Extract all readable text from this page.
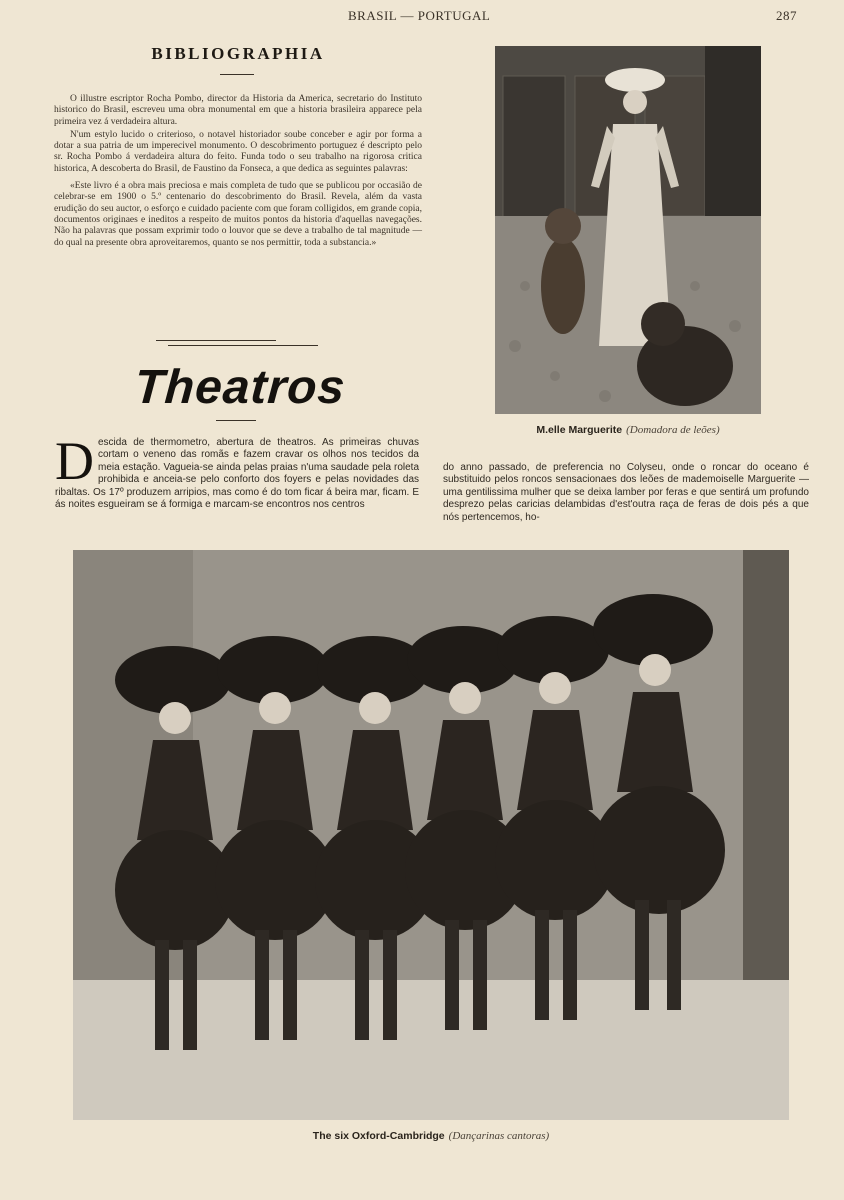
BRASIL — PORTUGAL	287
BIBLIOGRAPHIA

O illustre escriptor Rocha Pombo, director da Historia da America, secretario do Instituto historico do Brasil, escreveu uma obra monumental em que a historia brasileira apparece pela primeira vez á verdadeira altura.

N'um estylo lucido o criterioso, o notavel historiador soube conceber e agir por forma a dotar a sua patria de um imperecivel monumento. O descobrimento portuguez é descripto pelo sr. Rocha Pombo á verdadeira altura do feito. Funda todo o seu trabalho na rigorosa critica historica, A descoberta do Brasil, de Faustino da Fonseca, a que dedica as seguintes palavras:

«Este livro é a obra mais preciosa e mais completa de tudo que se publicou por occasião de celebrar-se em 1900 o 5.º centenario do descobrimento do Brasil. Revela, além da vasta erudição do seu auctor, o esforço e cuidado paciente com que foram colligidos, em grande copia, documentos originaes e ineditos a respeito de muitos pontos da historia d'aquellas navegações. Não ha palavras que possam exprimir todo o louvor que se deve a trabalho de tal magnitude — do qual na presente obra aproveitaremos, quanto se nos permittir, toda a substancia.»

Theatros
M.elle Marguerite (Domadora de leões)
Descida de thermometro, abertura de theatros. As primeiras chuvas cortam o veneno das romãs e fazem cravar os olhos nos tecidos da meia estação. Vagueia-se ainda pelas praias n'uma saudade pela roleta prohibida e anceia-se pelo conforto dos foyers e pelas novidades das ribaltas. Os 17º produzem arripios, mas como é do tom ficar á beira mar, ficam. E ás noites esgueiram se á formiga e marcam-se encontros nos centros
do anno passado, de preferencia no Colyseu, onde o roncar do oceano é substituido pelos roncos sensacionaes dos leões de mademoiselle Marguerite — uma gentilissima mulher que se deixa lamber por feras e que sentirá um profundo desprezo pelas caricias delambidas d'est'outra raça de feras de dois pés a que nós pertencemos, ho-
The six Oxford-Cambridge (Dançarinas cantoras)
